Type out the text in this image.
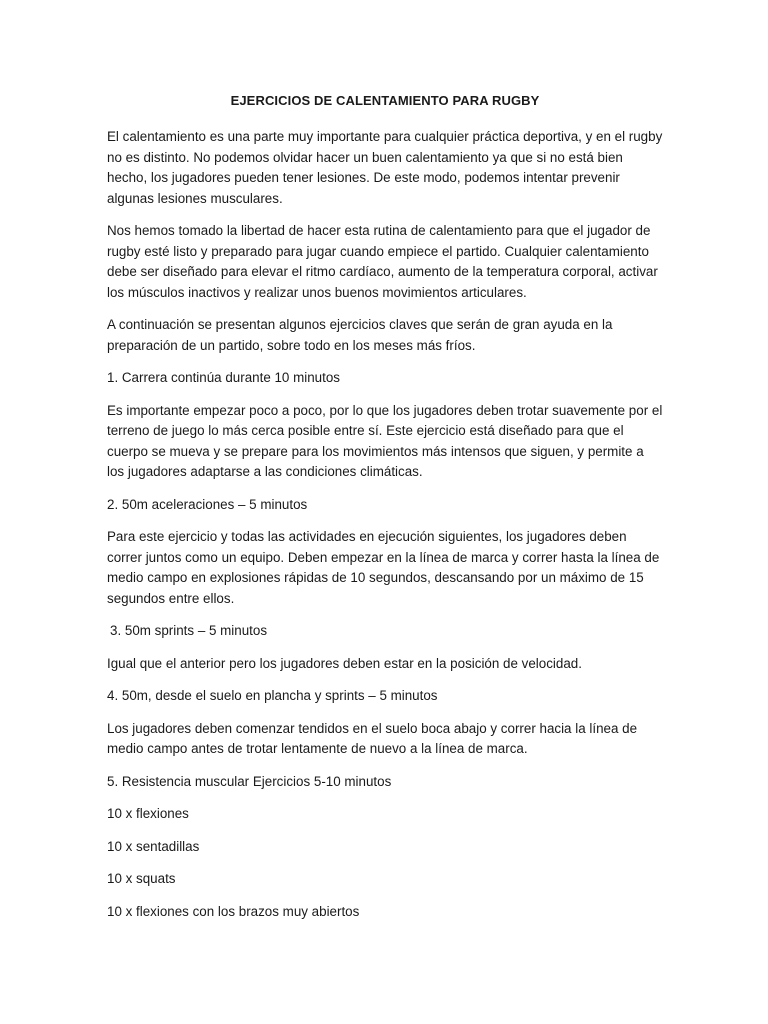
EJERCICIOS DE CALENTAMIENTO PARA RUGBY

El calentamiento es una parte muy importante para cualquier práctica deportiva, y en el rugby no es distinto. No podemos olvidar hacer un buen calentamiento ya que si no está bien hecho, los jugadores pueden tener lesiones. De este modo, podemos intentar prevenir algunas lesiones musculares.

Nos hemos tomado la libertad de hacer esta rutina de calentamiento para que el jugador de rugby esté listo y preparado para jugar cuando empiece el partido. Cualquier calentamiento debe ser diseñado para elevar el ritmo cardíaco, aumento de la temperatura corporal, activar los músculos inactivos y realizar unos buenos movimientos articulares.

A continuación se presentan algunos ejercicios claves que serán de gran ayuda en la preparación de un partido, sobre todo en los meses más fríos.

1. Carrera continúa durante 10 minutos

Es importante empezar poco a poco, por lo que los jugadores deben trotar suavemente por el terreno de juego lo más cerca posible entre sí. Este ejercicio está diseñado para que el cuerpo se mueva y se prepare para los movimientos más intensos que siguen, y permite a los jugadores adaptarse a las condiciones climáticas.

2. 50m aceleraciones – 5 minutos

Para este ejercicio y todas las actividades en ejecución siguientes, los jugadores deben correr juntos como un equipo. Deben empezar en la línea de marca y correr hasta la línea de medio campo en explosiones rápidas de 10 segundos, descansando por un máximo de 15 segundos entre ellos.

3. 50m sprints – 5 minutos

Igual que el anterior pero los jugadores deben estar en la posición de velocidad.

4. 50m, desde el suelo en plancha y sprints – 5 minutos

Los jugadores deben comenzar tendidos en el suelo boca abajo y correr hacia la línea de medio campo antes de trotar lentamente de nuevo a la línea de marca.

5. Resistencia muscular Ejercicios 5-10 minutos

10 x flexiones

10 x sentadillas

10 x squats

10 x flexiones con los brazos muy abiertos
